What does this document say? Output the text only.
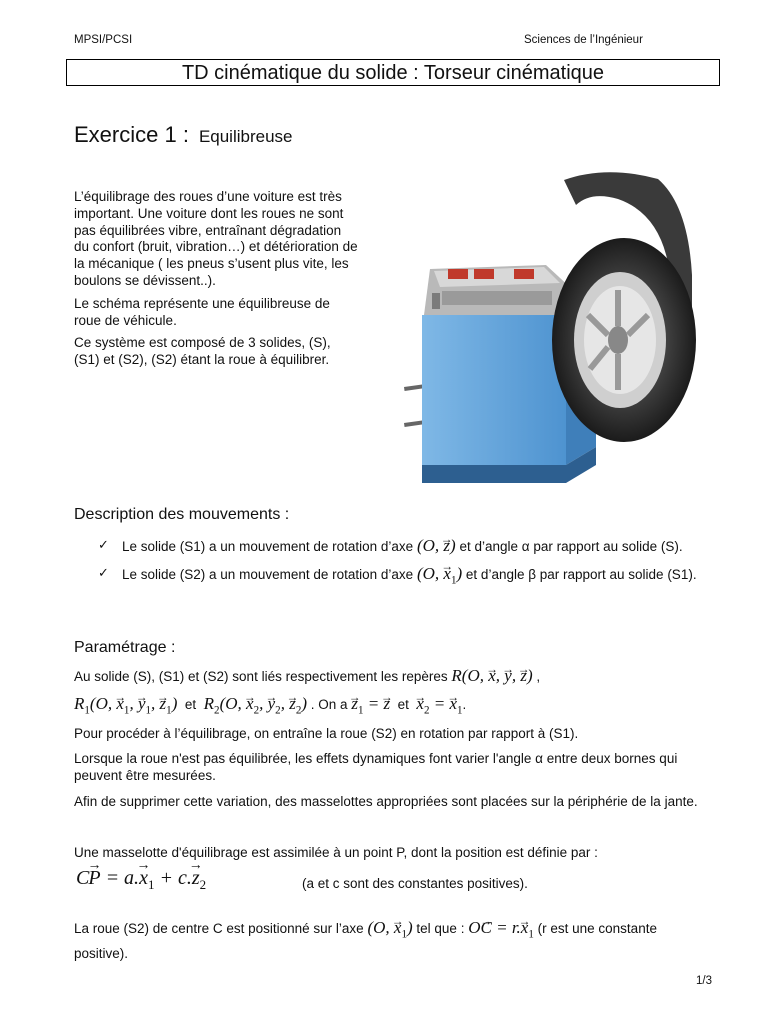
MPSI/PCSI	Sciences de l’Ingénieur
TD cinématique du solide : Torseur cinématique
Exercice 1 : Equilibreuse
L’équilibrage des roues d’une voiture est très important. Une voiture dont les roues ne sont pas équilibrées vibre, entraînant dégradation du confort (bruit, vibration…) et détérioration de la mécanique ( les pneus s’usent plus vite, les boulons se dévissent..).
Le schéma représente une équilibreuse de roue de véhicule.
Ce système est composé de 3 solides, (S), (S1) et (S2), (S2) étant la roue à équilibrer.
Description des mouvements :
✓ Le solide (S1) a un mouvement de rotation d’axe (O, → z) et d’angle α par rapport au solide (S).
✓ Le solide (S2) a un mouvement de rotation d’axe (O, → $x_1$) et d’angle β par rapport au solide (S1).
Paramétrage :
Au solide (S), (S1) et (S2) sont liés respectivement les repères R(O, → x, → y, → z) ,
$R_1(O$, → $x_1$, → $y_1$, → $z_1$) et $R_2(O$, → $x_2$, → $y_2$, → $z_2$) . On $a \to z_1$ = → z et → $x_2$ = → $x_1$.
Pour procéder à l’équilibrage, on entraîne la roue (S2) en rotation par rapport à (S1).
Lorsque la roue n'est pas équilibrée, les effets dynamiques font varier l'angle α entre deux bornes qui peuvent être mesurées.
Afin de supprimer cette variation, des masselottes appropriées sont placées sur la périphérie de la jante.
Une masselotte d'équilibrage est assimilée à un point P, dont la position est définie par :
$C\to P = a.\to x_1 + c.\to z_2$	(a et c sont des constantes positives).
La roue (S2) de centre C est positionné sur l’axe (O, → $x_1$) tel que : $O\to C = r.\to x_1$ (r est une constante positive).
1/3
